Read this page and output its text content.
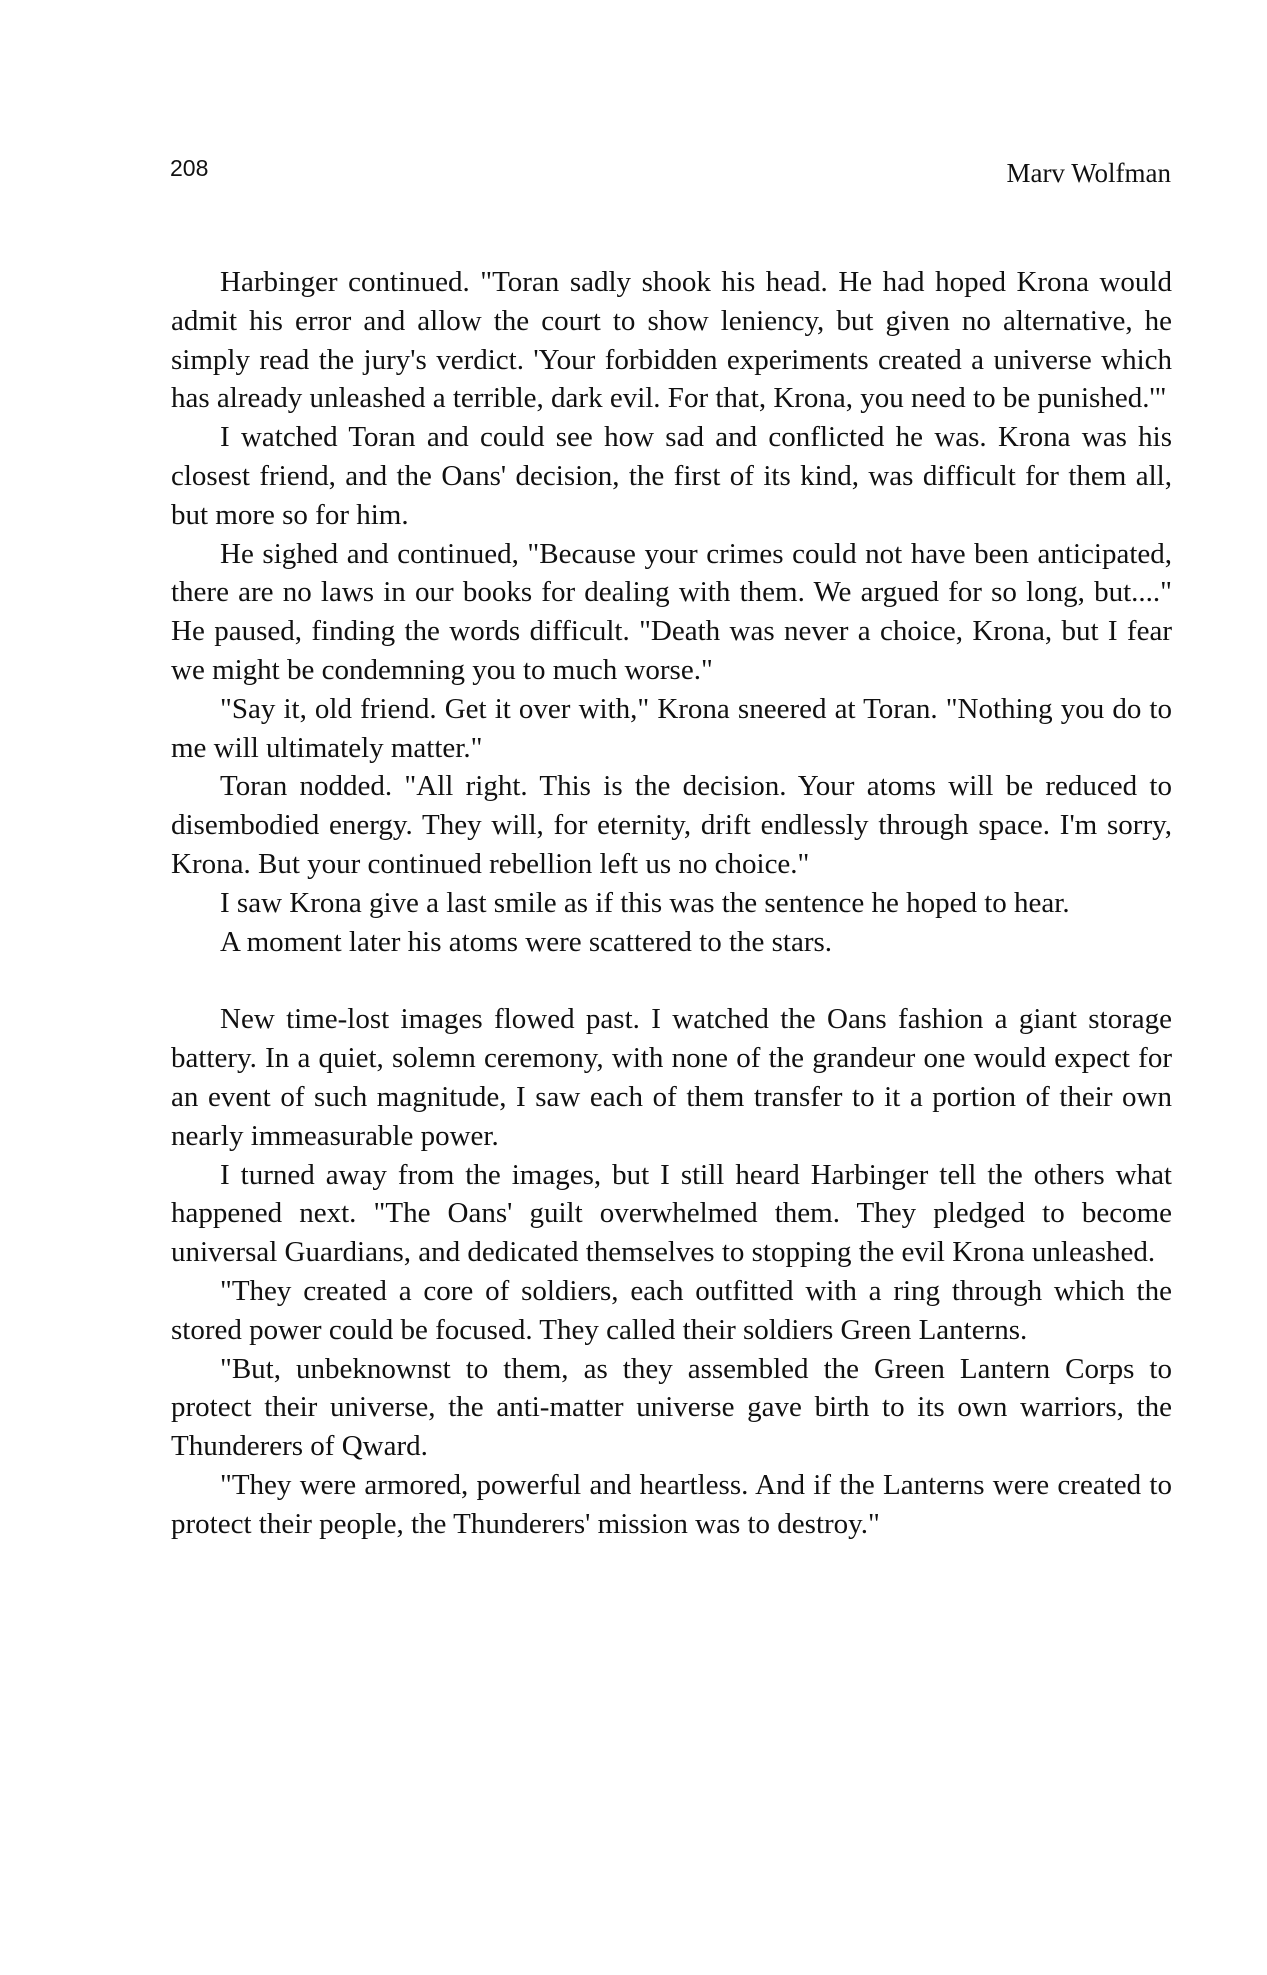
208	Marv Wolfman

Harbinger continued. "Toran sadly shook his head. He had hoped Krona would admit his error and allow the court to show leniency, but given no alternative, he simply read the jury's verdict. 'Your forbidden experiments created a universe which has already unleashed a terrible, dark evil. For that, Krona, you need to be punished.'"

I watched Toran and could see how sad and conflicted he was. Krona was his closest friend, and the Oans' decision, the first of its kind, was difficult for them all, but more so for him.

He sighed and continued, "Because your crimes could not have been anticipated, there are no laws in our books for dealing with them. We argued for so long, but...." He paused, finding the words difficult. "Death was never a choice, Krona, but I fear we might be condemning you to much worse."

"Say it, old friend. Get it over with," Krona sneered at Toran. "Nothing you do to me will ultimately matter."

Toran nodded. "All right. This is the decision. Your atoms will be reduced to disembodied energy. They will, for eternity, drift endlessly through space. I'm sorry, Krona. But your continued rebellion left us no choice."

I saw Krona give a last smile as if this was the sentence he hoped to hear.

A moment later his atoms were scattered to the stars.

New time-lost images flowed past. I watched the Oans fashion a giant storage battery. In a quiet, solemn ceremony, with none of the grandeur one would expect for an event of such magnitude, I saw each of them transfer to it a portion of their own nearly immeasurable power.

I turned away from the images, but I still heard Harbinger tell the others what happened next. "The Oans' guilt overwhelmed them. They pledged to become universal Guardians, and dedicated themselves to stopping the evil Krona unleashed.

"They created a core of soldiers, each outfitted with a ring through which the stored power could be focused. They called their soldiers Green Lanterns.

"But, unbeknownst to them, as they assembled the Green Lantern Corps to protect their universe, the anti-matter universe gave birth to its own warriors, the Thunderers of Qward.

"They were armored, powerful and heartless. And if the Lanterns were created to protect their people, the Thunderers' mission was to destroy."
